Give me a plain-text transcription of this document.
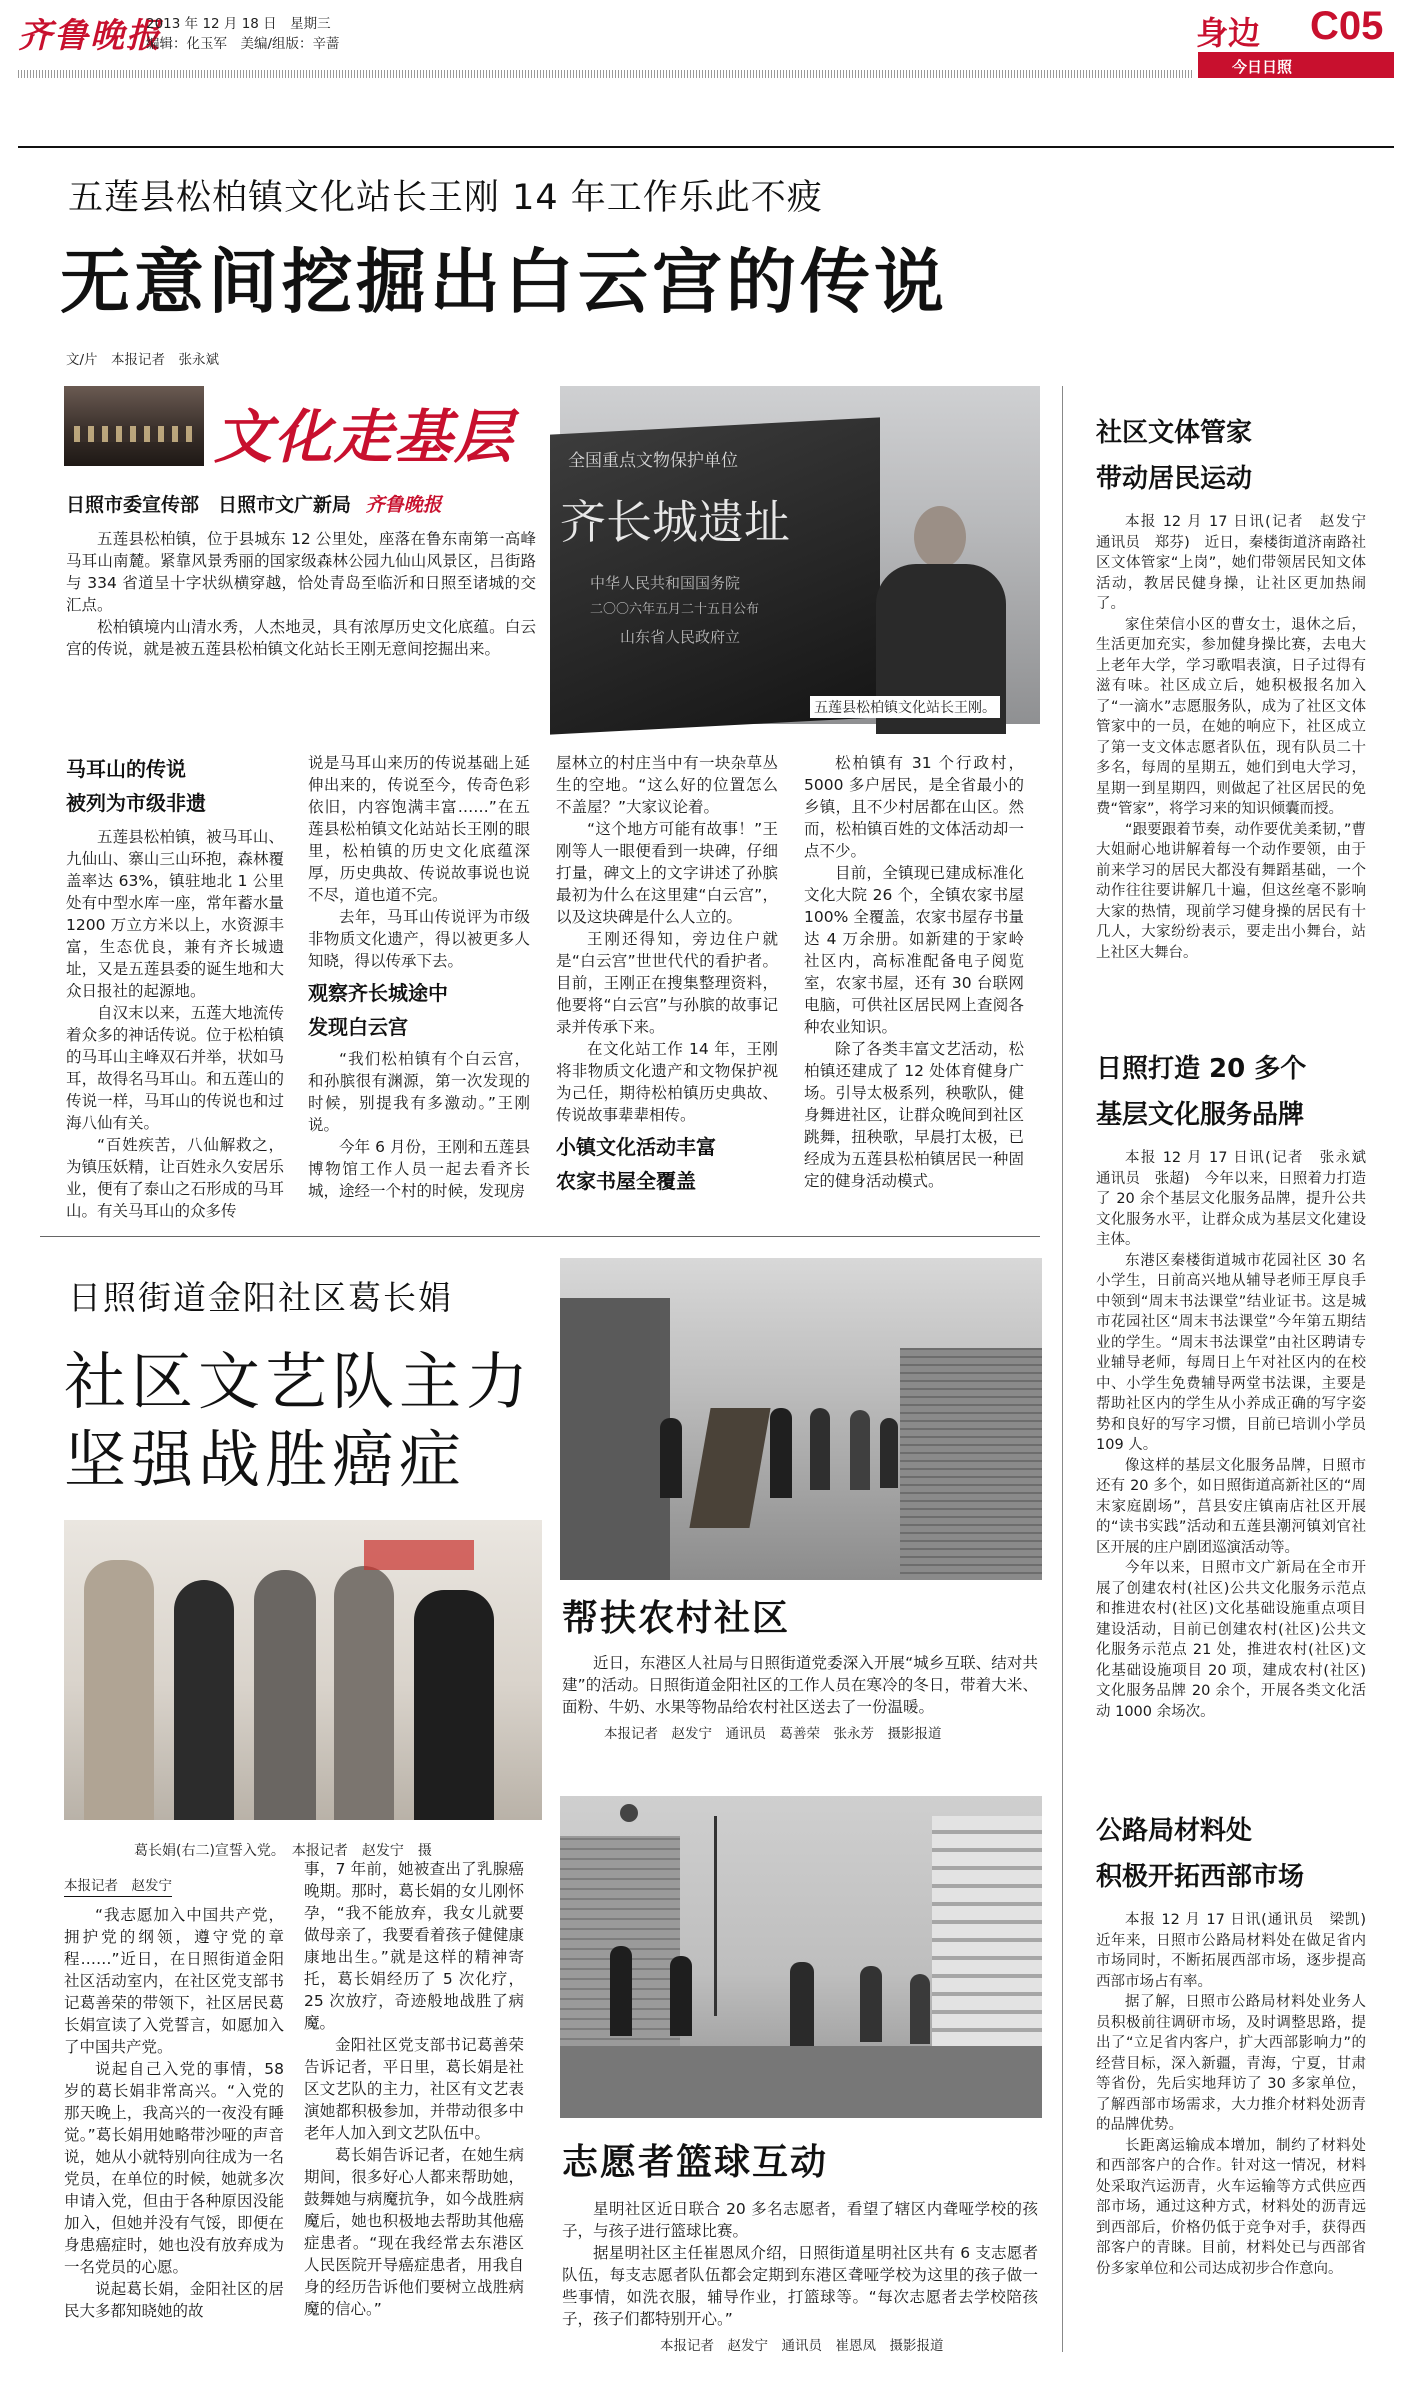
齐鲁晚报
2013 年 12 月 18 日　星期三
编辑：化玉军　美编/组版：辛蔷	身边 C05
今日日照
五莲县松柏镇文化站长王刚 14 年工作乐此不疲
无意间挖掘出白云宫的传说
文/片　本报记者　张永斌
文化走基层
日照市委宣传部　日照市文广新局 齐鲁晚报

五莲县松柏镇，位于县城东 12 公里处，座落在鲁东南第一高峰马耳山南麓。紧靠风景秀丽的国家级森林公园九仙山风景区，吕街路与 334 省道呈十字状纵横穿越，恰处青岛至临沂和日照至诸城的交汇点。

松柏镇境内山清水秀，人杰地灵，具有浓厚历史文化底蕴。白云宫的传说，就是被五莲县松柏镇文化站长王刚无意间挖掘出来。

全国重点文物保护单位
齐长城遗址
中华人民共和国国务院
二〇〇六年五月二十五日公布
山东省人民政府立
五莲县松柏镇文化站长王刚。
马耳山的传说
被列为市级非遗

五莲县松柏镇，被马耳山、九仙山、寨山三山环抱，森林覆盖率达 63%，镇驻地北 1 公里处有中型水库一座，常年蓄水量 1200 万立方米以上，水资源丰富，生态优良，兼有齐长城遗址，又是五莲县委的诞生地和大众日报社的起源地。

自汉末以来，五莲大地流传着众多的神话传说。位于松柏镇的马耳山主峰双石并举，状如马耳，故得名马耳山。和五莲山的传说一样，马耳山的传说也和过海八仙有关。

“百姓疾苦，八仙解救之，为镇压妖精，让百姓永久安居乐业，便有了泰山之石形成的马耳山。有关马耳山的众多传

说是马耳山来历的传说基础上延伸出来的，传说至今，传奇色彩依旧，内容饱满丰富……”在五莲县松柏镇文化站站长王刚的眼里，松柏镇的历史文化底蕴深厚，历史典故、传说故事说也说不尽，道也道不完。

去年，马耳山传说评为市级非物质文化遗产，得以被更多人知晓，得以传承下去。

观察齐长城途中
发现白云宫

“我们松柏镇有个白云宫，和孙膑很有渊源，第一次发现的时候，别提我有多激动。”王刚说。

今年 6 月份，王刚和五莲县博物馆工作人员一起去看齐长城，途经一个村的时候，发现房

屋林立的村庄当中有一块杂草丛生的空地。“这么好的位置怎么不盖屋？”大家议论着。

“这个地方可能有故事！”王刚等人一眼便看到一块碑，仔细打量，碑文上的文字讲述了孙膑最初为什么在这里建“白云宫”，以及这块碑是什么人立的。

王刚还得知，旁边住户就是“白云宫”世世代代的看护者。目前，王刚正在搜集整理资料，他要将“白云宫”与孙膑的故事记录并传承下来。

在文化站工作 14 年，王刚将非物质文化遗产和文物保护视为己任，期待松柏镇历史典故、传说故事辈辈相传。

小镇文化活动丰富
农家书屋全覆盖

松柏镇有 31 个行政村，5000 多户居民，是全省最小的乡镇，且不少村居都在山区。然而，松柏镇百姓的文体活动却一点不少。

目前，全镇现已建成标准化文化大院 26 个，全镇农家书屋 100% 全覆盖，农家书屋存书量达 4 万余册。如新建的于家岭社区内，高标准配备电子阅览室，农家书屋，还有 30 台联网电脑，可供社区居民网上查阅各种农业知识。

除了各类丰富文艺活动，松柏镇还建成了 12 处体育健身广场。引导太极系列，秧歌队，健身舞进社区，让群众晚间到社区跳舞，扭秧歌，早晨打太极，已经成为五莲县松柏镇居民一种固定的健身活动模式。

日照街道金阳社区葛长娟
社区文艺队主力
坚强战胜癌症
葛长娟(右二)宣誓入党。　本报记者　赵发宁　摄
本报记者　赵发宁

“我志愿加入中国共产党，拥护党的纲领，遵守党的章程……”近日，在日照街道金阳社区活动室内，在社区党支部书记葛善荣的带领下，社区居民葛长娟宣读了入党誓言，如愿加入了中国共产党。

说起自己入党的事情，58 岁的葛长娟非常高兴。“入党的那天晚上，我高兴的一夜没有睡觉。”葛长娟用她略带沙哑的声音说，她从小就特别向往成为一名党员，在单位的时候，她就多次申请入党，但由于各种原因没能加入，但她并没有气馁，即便在身患癌症时，她也没有放弃成为一名党员的心愿。

说起葛长娟，金阳社区的居民大多都知晓她的故

事，7 年前，她被查出了乳腺癌晚期。那时，葛长娟的女儿刚怀孕，“我不能放弃，我女儿就要做母亲了，我要看着孩子健健康康地出生。”就是这样的精神寄托，葛长娟经历了 5 次化疗，25 次放疗，奇迹般地战胜了病魔。

金阳社区党支部书记葛善荣告诉记者，平日里，葛长娟是社区文艺队的主力，社区有文艺表演她都积极参加，并带动很多中老年人加入到文艺队伍中。

葛长娟告诉记者，在她生病期间，很多好心人都来帮助她，鼓舞她与病魔抗争，如今战胜病魔后，她也积极地去帮助其他癌症患者。“现在我经常去东港区人民医院开导癌症患者，用我自身的经历告诉他们要树立战胜病魔的信心。”

帮扶农村社区

近日，东港区人社局与日照街道党委深入开展“城乡互联、结对共建”的活动。日照街道金阳社区的工作人员在寒冷的冬日，带着大米、面粉、牛奶、水果等物品给农村社区送去了一份温暖。

本报记者　赵发宁　通讯员　葛善荣　张永芳　摄影报道
志愿者篮球互动

星明社区近日联合 20 多名志愿者，看望了辖区内聋哑学校的孩子，与孩子进行篮球比赛。

据星明社区主任崔恩凤介绍，日照街道星明社区共有 6 支志愿者队伍，每支志愿者队伍都会定期到东港区聋哑学校为这里的孩子做一些事情，如洗衣服，辅导作业，打篮球等。“每次志愿者去学校陪孩子，孩子们都特别开心。”

本报记者　赵发宁　通讯员　崔恩凤　摄影报道
社区文体管家
带动居民运动

本报 12 月 17 日讯(记者　赵发宁　通讯员　郑芬)　近日，秦楼街道济南路社区文体管家“上岗”，她们带领居民知文体活动，教居民健身操，让社区更加热闹了。

家住荣信小区的曹女士，退休之后，生活更加充实，参加健身操比赛，去电大上老年大学，学习歌唱表演，日子过得有滋有味。社区成立后，她积极报名加入了“一滴水”志愿服务队，成为了社区文体管家中的一员，在她的响应下，社区成立了第一支文体志愿者队伍，现有队员二十多名，每周的星期五，她们到电大学习，星期一到星期四，则做起了社区居民的免费“管家”，将学习来的知识倾囊而授。

“跟要跟着节奏，动作要优美柔韧，”曹大姐耐心地讲解着每一个动作要领，由于前来学习的居民大都没有舞蹈基础，一个动作往往要讲解几十遍，但这丝毫不影响大家的热情，现前学习健身操的居民有十几人，大家纷纷表示，要走出小舞台，站上社区大舞台。

日照打造 20 多个
基层文化服务品牌

本报 12 月 17 日讯(记者　张永斌　通讯员　张超)　今年以来，日照着力打造了 20 余个基层文化服务品牌，提升公共文化服务水平，让群众成为基层文化建设主体。

东港区秦楼街道城市花园社区 30 名小学生，日前高兴地从辅导老师王厚良手中领到“周末书法课堂”结业证书。这是城市花园社区“周末书法课堂”今年第五期结业的学生。“周末书法课堂”由社区聘请专业辅导老师，每周日上午对社区内的在校中、小学生免费辅导两堂书法课，主要是帮助社区内的学生从小养成正确的写字姿势和良好的写字习惯，目前已培训小学员 109 人。

像这样的基层文化服务品牌，日照市还有 20 多个，如日照街道高新社区的“周末家庭剧场”，莒县安庄镇南店社区开展的“读书实践”活动和五莲县潮河镇刘官社区开展的庄户剧团巡演活动等。

今年以来，日照市文广新局在全市开展了创建农村(社区)公共文化服务示范点和推进农村(社区)文化基础设施重点项目建设活动，目前已创建农村(社区)公共文化服务示范点 21 处，推进农村(社区)文化基础设施项目 20 项，建成农村(社区)文化服务品牌 20 余个，开展各类文化活动 1000 余场次。

公路局材料处
积极开拓西部市场

本报 12 月 17 日讯(通讯员　梁凯)　近年来，日照市公路局材料处在做足省内市场同时，不断拓展西部市场，逐步提高西部市场占有率。

据了解，日照市公路局材料处业务人员积极前往调研市场，及时调整思路，提出了“立足省内客户，扩大西部影响力”的经营目标，深入新疆，青海，宁夏，甘肃等省份，先后实地拜访了 30 多家单位，了解西部市场需求，大力推介材料处沥青的品牌优势。

长距离运输成本增加，制约了材料处和西部客户的合作。针对这一情况，材料处采取汽运沥青，火车运输等方式供应西部市场，通过这种方式，材料处的沥青远到西部后，价格仍低于竞争对手，获得西部客户的青睐。目前，材料处已与西部省份多家单位和公司达成初步合作意向。
